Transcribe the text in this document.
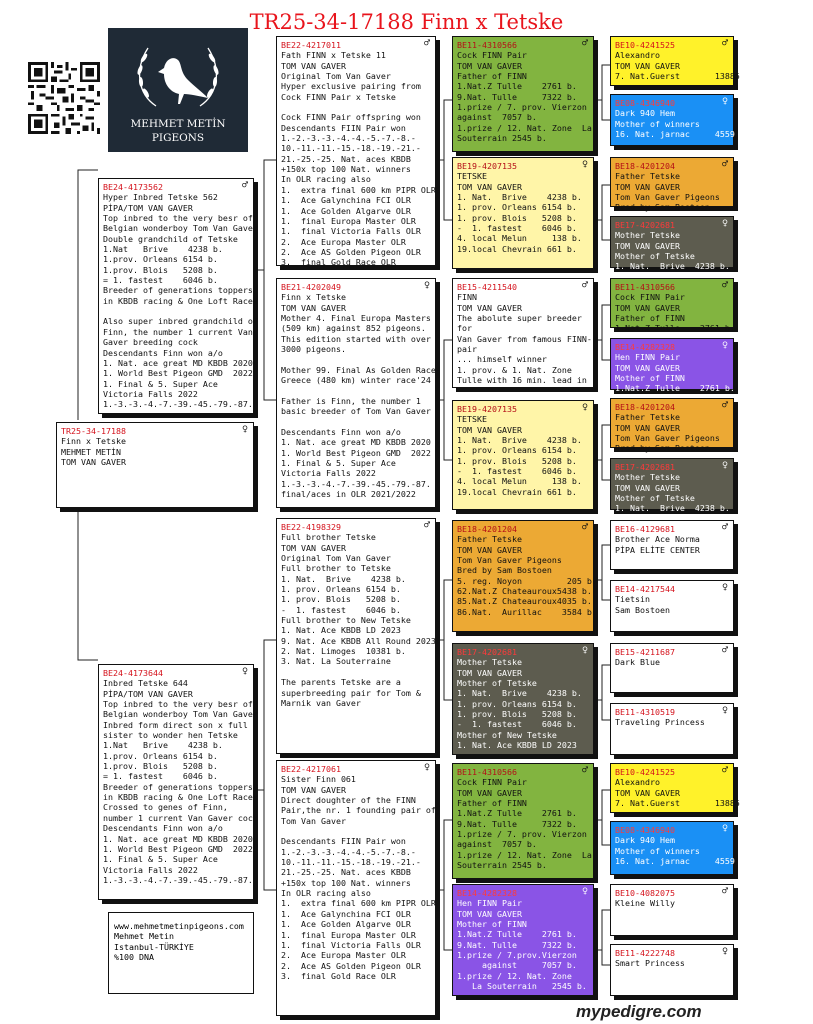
TR25-34-17188 Finn x Tetske
MEHMET METİN
PIGEONS
www.mehmetmetinpigeons.com
Mehmet Metin
Istanbul-TÜRKİYE
%100 DNA
♀
TR25-34-17188
Finn x Tetske
MEHMET METİN
TOM VAN GAVER
♂
BE24-4173562
Hyper Inbred Tetske 562
PİPA/TOM VAN GAVER
Top inbred to the very besr of
Belgian wonderboy Tom Van Gaver
Double grandchild of Tetske
1.Nat   Brive    4238 b.
1.prov. Orleans 6154 b.
1.prov. Blois   5208 b.
= 1. fastest    6046 b.
Breeder of generations toppers
in KBDB racing & One Loft Races

Also super inbred grandchild of
Finn, the number 1 current Van
Gaver breeding cock
Descendants Finn won a/o
1. Nat. ace great MD KBDB 2020
1. World Best Pigeon GMD  2022
1. Final & 5. Super Ace
Victoria Falls 2022
1.-3.-3.-4.-7.-39.-45.-79.-87.
♀
BE24-4173644
Inbred Tetske 644
PİPA/TOM VAN GAVER
Top inbred to the very besr of
Belgian wonderboy Tom Van Gaver
Inbred form direct son x full
sister to wonder hen Tetske
1.Nat   Brive    4238 b.
1.prov. Orleans 6154 b.
1.prov. Blois   5208 b.
= 1. fastest    6046 b.
Breeder of generations toppers
in KBDB racing & One Loft Races
Crossed to genes of Finn,
number 1 current Van Gaver cock
Descendants Finn won a/o
1. Nat. ace great MD KBDB 2020
1. World Best Pigeon GMD  2022
1. Final & 5. Super Ace
Victoria Falls 2022
1.-3.-3.-4.-7.-39.-45.-79.-87.
♂
BE22-4217011
Fath FINN x Tetske 11
TOM VAN GAVER
Original Tom Van Gaver
Hyper exclusive pairing from
Cock FINN Pair x Tetske

Cock FINN Pair offspring won
Descendants FIIN Pair won
1.-2.-3.-3.-4.-4.-5.-7.-8.-
10.-11.-11.-15.-18.-19.-21.-
21.-25.-25. Nat. aces KBDB
+150x top 100 Nat. winners
In OLR racing also
1.  extra final 600 km PIPR OLR
1.  Ace Galynchina FCI OLR
1.  Ace Golden Algarve OLR
1.  final Europa Master OLR
1.  final Victoria Falls OLR
2.  Ace Europa Master OLR
2.  Ace AS Golden Pigeon OLR
3.  final Gold Race OLR
♀
BE21-4202049
Finn x Tetske
TOM VAN GAVER
Mother 4. Final Europa Masters
(509 km) against 852 pigeons.
This edition started with over
3000 pigeons.

Mother 99. Final As Golden Race
Greece (480 km) winter race'24

Father is Finn, the number 1
basic breeder of Tom Van Gaver

Descendants Finn won a/o
1. Nat. ace great MD KBDB 2020
1. World Best Pigeon GMD  2022
1. Final & 5. Super Ace
Victoria Falls 2022
1.-3.-3.-4.-7.-39.-45.-79.-87.
final/aces in OLR 2021/2022
♂
BE22-4198329
Full brother Tetske
TOM VAN GAVER
Original Tom Van Gaver
Full brother to Tetske
1. Nat.  Brive    4238 b.
1. prov. Orleans 6154 b.
1. prov. Blois   5208 b.
-  1. fastest    6046 b.
Full brother to New Tetske
1. Nat. Ace KBDB LD 2023
9. Nat. Ace KBDB All Round 2023
2. Nat. Limoges  10381 b.
3. Nat. La Souterraine

The parents Tetske are a
superbreeding pair for Tom &
Marnik van Gaver
♀
BE22-4217061
Sister Finn 061
TOM VAN GAVER
Direct doughter of the FINN
Pair,the nr. 1 founding pair of
Tom Van Gaver

Descendants FIIN Pair won
1.-2.-3.-3.-4.-4.-5.-7.-8.-
10.-11.-11.-15.-18.-19.-21.-
21.-25.-25. Nat. aces KBDB
+150x top 100 Nat. winners
In OLR racing also
1.  extra final 600 km PIPR OLR
1.  Ace Galynchina FCI OLR
1.  Ace Golden Algarve OLR
1.  final Europa Master OLR
1.  final Victoria Falls OLR
2.  Ace Europa Master OLR
2.  Ace AS Golden Pigeon OLR
3.  final Gold Race OLR
♂
BE11-4310566
Cock FINN Pair
TOM VAN GAVER
Father of FINN
1.Nat.Z Tulle    2761 b.
9.Nat. Tulle     7322 b.
1.prize / 7. prov. Vierzon
against  7057 b.
1.prize / 12. Nat. Zone  La
Souterrain 2545 b.
♀
BE19-4207135
TETSKE
TOM VAN GAVER
1. Nat.  Brive    4238 b.
1. prov. Orleans 6154 b.
1. prov. Blois   5208 b.
-  1. fastest    6046 b.
4. local Melun     138 b.
19.local Chevrain 661 b.
♂
BE15-4211540
FINN
TOM VAN GAVER
The abolute super breeder
for
Van Gaver from famous FINN-
pair
... himself winner
1. prov. & 1. Nat. Zone
Tulle with 16 min. lead in
♀
BE19-4207135
TETSKE
TOM VAN GAVER
1. Nat.  Brive    4238 b.
1. prov. Orleans 6154 b.
1. prov. Blois   5208 b.
-  1. fastest    6046 b.
4. local Melun     138 b.
19.local Chevrain 661 b.
♂
BE18-4201204
Father Tetske
TOM VAN GAVER
Tom Van Gaver Pigeons
Bred by Sam Bostoen
5. reg. Noyon         205 b.
62.Nat.Z Chateauroux5438 b.
85.Nat.Z Chateauroux4035 b.
86.Nat.  Aurillac    3584 b.
♀
BE17-4202681
Mother Tetske
TOM VAN GAVER
Mother of Tetske
1. Nat.  Brive    4238 b.
1. prov. Orleans 6154 b.
1. prov. Blois   5208 b.
-  1. fastest    6046 b.
Mother of New Tetske
1. Nat. Ace KBDB LD 2023
♂
BE11-4310566
Cock FINN Pair
TOM VAN GAVER
Father of FINN
1.Nat.Z Tulle    2761 b.
9.Nat. Tulle     7322 b.
1.prize / 7. prov. Vierzon
against  7057 b.
1.prize / 12. Nat. Zone  La
Souterrain 2545 b.
♀
BE14-4282328
Hen FINN Pair
TOM VAN GAVER
Mother of FINN
1.Nat.Z Tulle    2761 b.
9.Nat. Tulle     7322 b.
1.prize / 7.prov.Vierzon
against     7057 b.
1.prize / 12. Nat. Zone
La Souterrain   2545 b.
♂
BE10-4241525
Alexandro
TOM VAN GAVER
7. Nat.Guerst       13885
♀
BE08-4346940
Dark 940 Hem
Mother of winners
16. Nat. jarnac     4559
♂
BE18-4201204
Father Tetske
TOM VAN GAVER
Tom Van Gaver Pigeons
Bred by Sam Bostoen
♀
BE17-4202681
Mother Tetske
TOM VAN GAVER
Mother of Tetske
1. Nat.  Brive  4238 b.
♂
BE11-4310566
Cock FINN Pair
TOM VAN GAVER
Father of FINN
1.Nat.Z Tulle    2761 b.
♀
BE14-4282328
Hen FINN Pair
TOM VAN GAVER
Mother of FINN
1.Nat.Z Tulle    2761 b.
♂
BE18-4201204
Father Tetske
TOM VAN GAVER
Tom Van Gaver Pigeons
Bred by Sam Bostoen
♀
BE17-4202681
Mother Tetske
TOM VAN GAVER
Mother of Tetske
1. Nat.  Brive  4238 b.
♂
BE16-4129681
Brother Ace Norma
PİPA ELİTE CENTER
♀
BE14-4217544
Tietsin
Sam Bostoen
♂
BE15-4211687
Dark Blue
♀
BE11-4310519
Traveling Princess
♂
BE10-4241525
Alexandro
TOM VAN GAVER
7. Nat.Guerst       13885
♀
BE08-4346940
Dark 940 Hem
Mother of winners
16. Nat. jarnac     4559
♂
BE10-4082075
Kleine Willy
♀
BE11-4222748
Smart Princess
mypedigre.com
